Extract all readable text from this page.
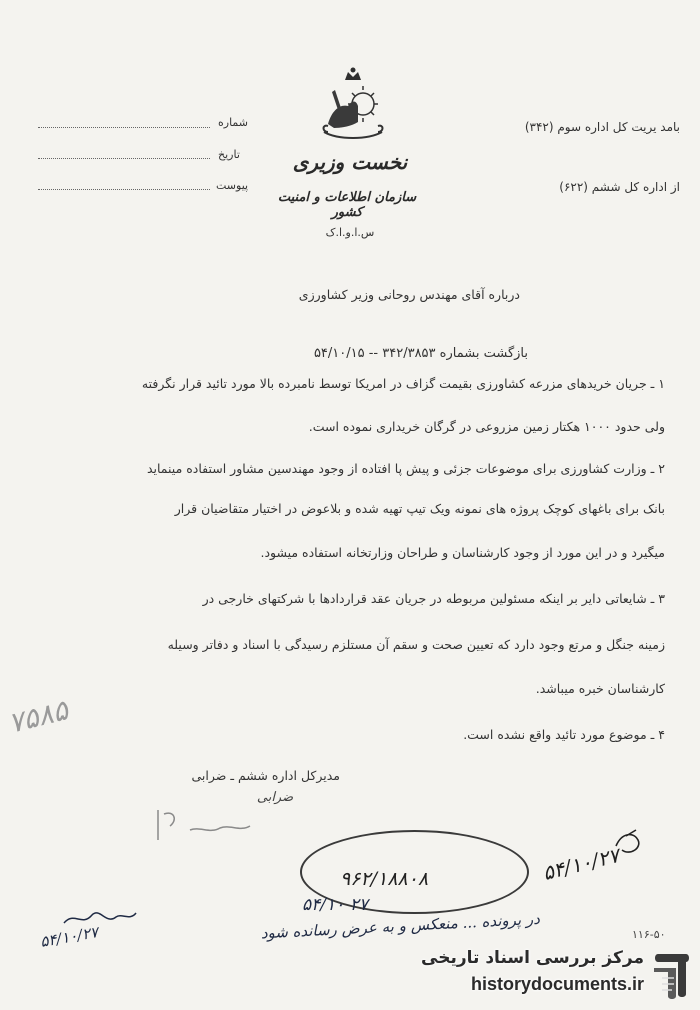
شماره
تاریخ
پیوست
نخست وزیری
سازمان اطلاعات و امنیت کشور
س.ا.و.ا.ک
بامد یریت کل اداره سوم (۳۴۲)
از اداره کل ششم (۶۲۲)
درباره آقای مهندس روحانی وزیر کشاورزی
بازگشت بشماره ۳۴۲/۳۸۵۳ -- ۵۴/۱۰/۱۵
۱ ـ جریان خریدهای مزرعه کشاورزی بقیمت گزاف در امریکا توسط نامبرده بالا مورد تائید قرار نگرفته
ولی حدود ۱۰۰۰ هکتار زمین مزروعی در گرگان خریداری نموده است.
۲ ـ وزارت کشاورزی برای موضوعات جزئی و پیش پا افتاده از وجود مهندسین مشاور استفاده مینماید
بانک برای باغهای کوچک پروژه های نمونه ویک تیپ تهیه شده و بلاعوض در اختیار متقاضیان قرار
میگیرد و در این مورد از وجود کارشناسان و طراحان وزارتخانه استفاده میشود.
۳ ـ شایعاتی دایر بر اینکه مسئولین مربوطه در جریان عقد قراردادها با شرکتهای خارجی در
زمینه جنگل و مرتع وجود دارد که تعیین صحت و سقم آن مستلزم رسیدگی با اسناد و دفاتر وسیله
کارشناسان خبره میباشد.
۴ ـ موضوع مورد تائید واقع نشده است.
۷۵۸۵
مدیرکل اداره ششم ـ ضرابی
ضرابی
۹۶۲/۱۸۸۰۸	۵۴/۱۰/۲۷
۲۷ ۵۴/۱۰
در پرونده ... منعکس و به عرض رسانده شود
۵۴/۱۰/۲۷	۱۱۶-۵۰
مرکز بررسی اسناد تاریخی
historydocuments.ir
